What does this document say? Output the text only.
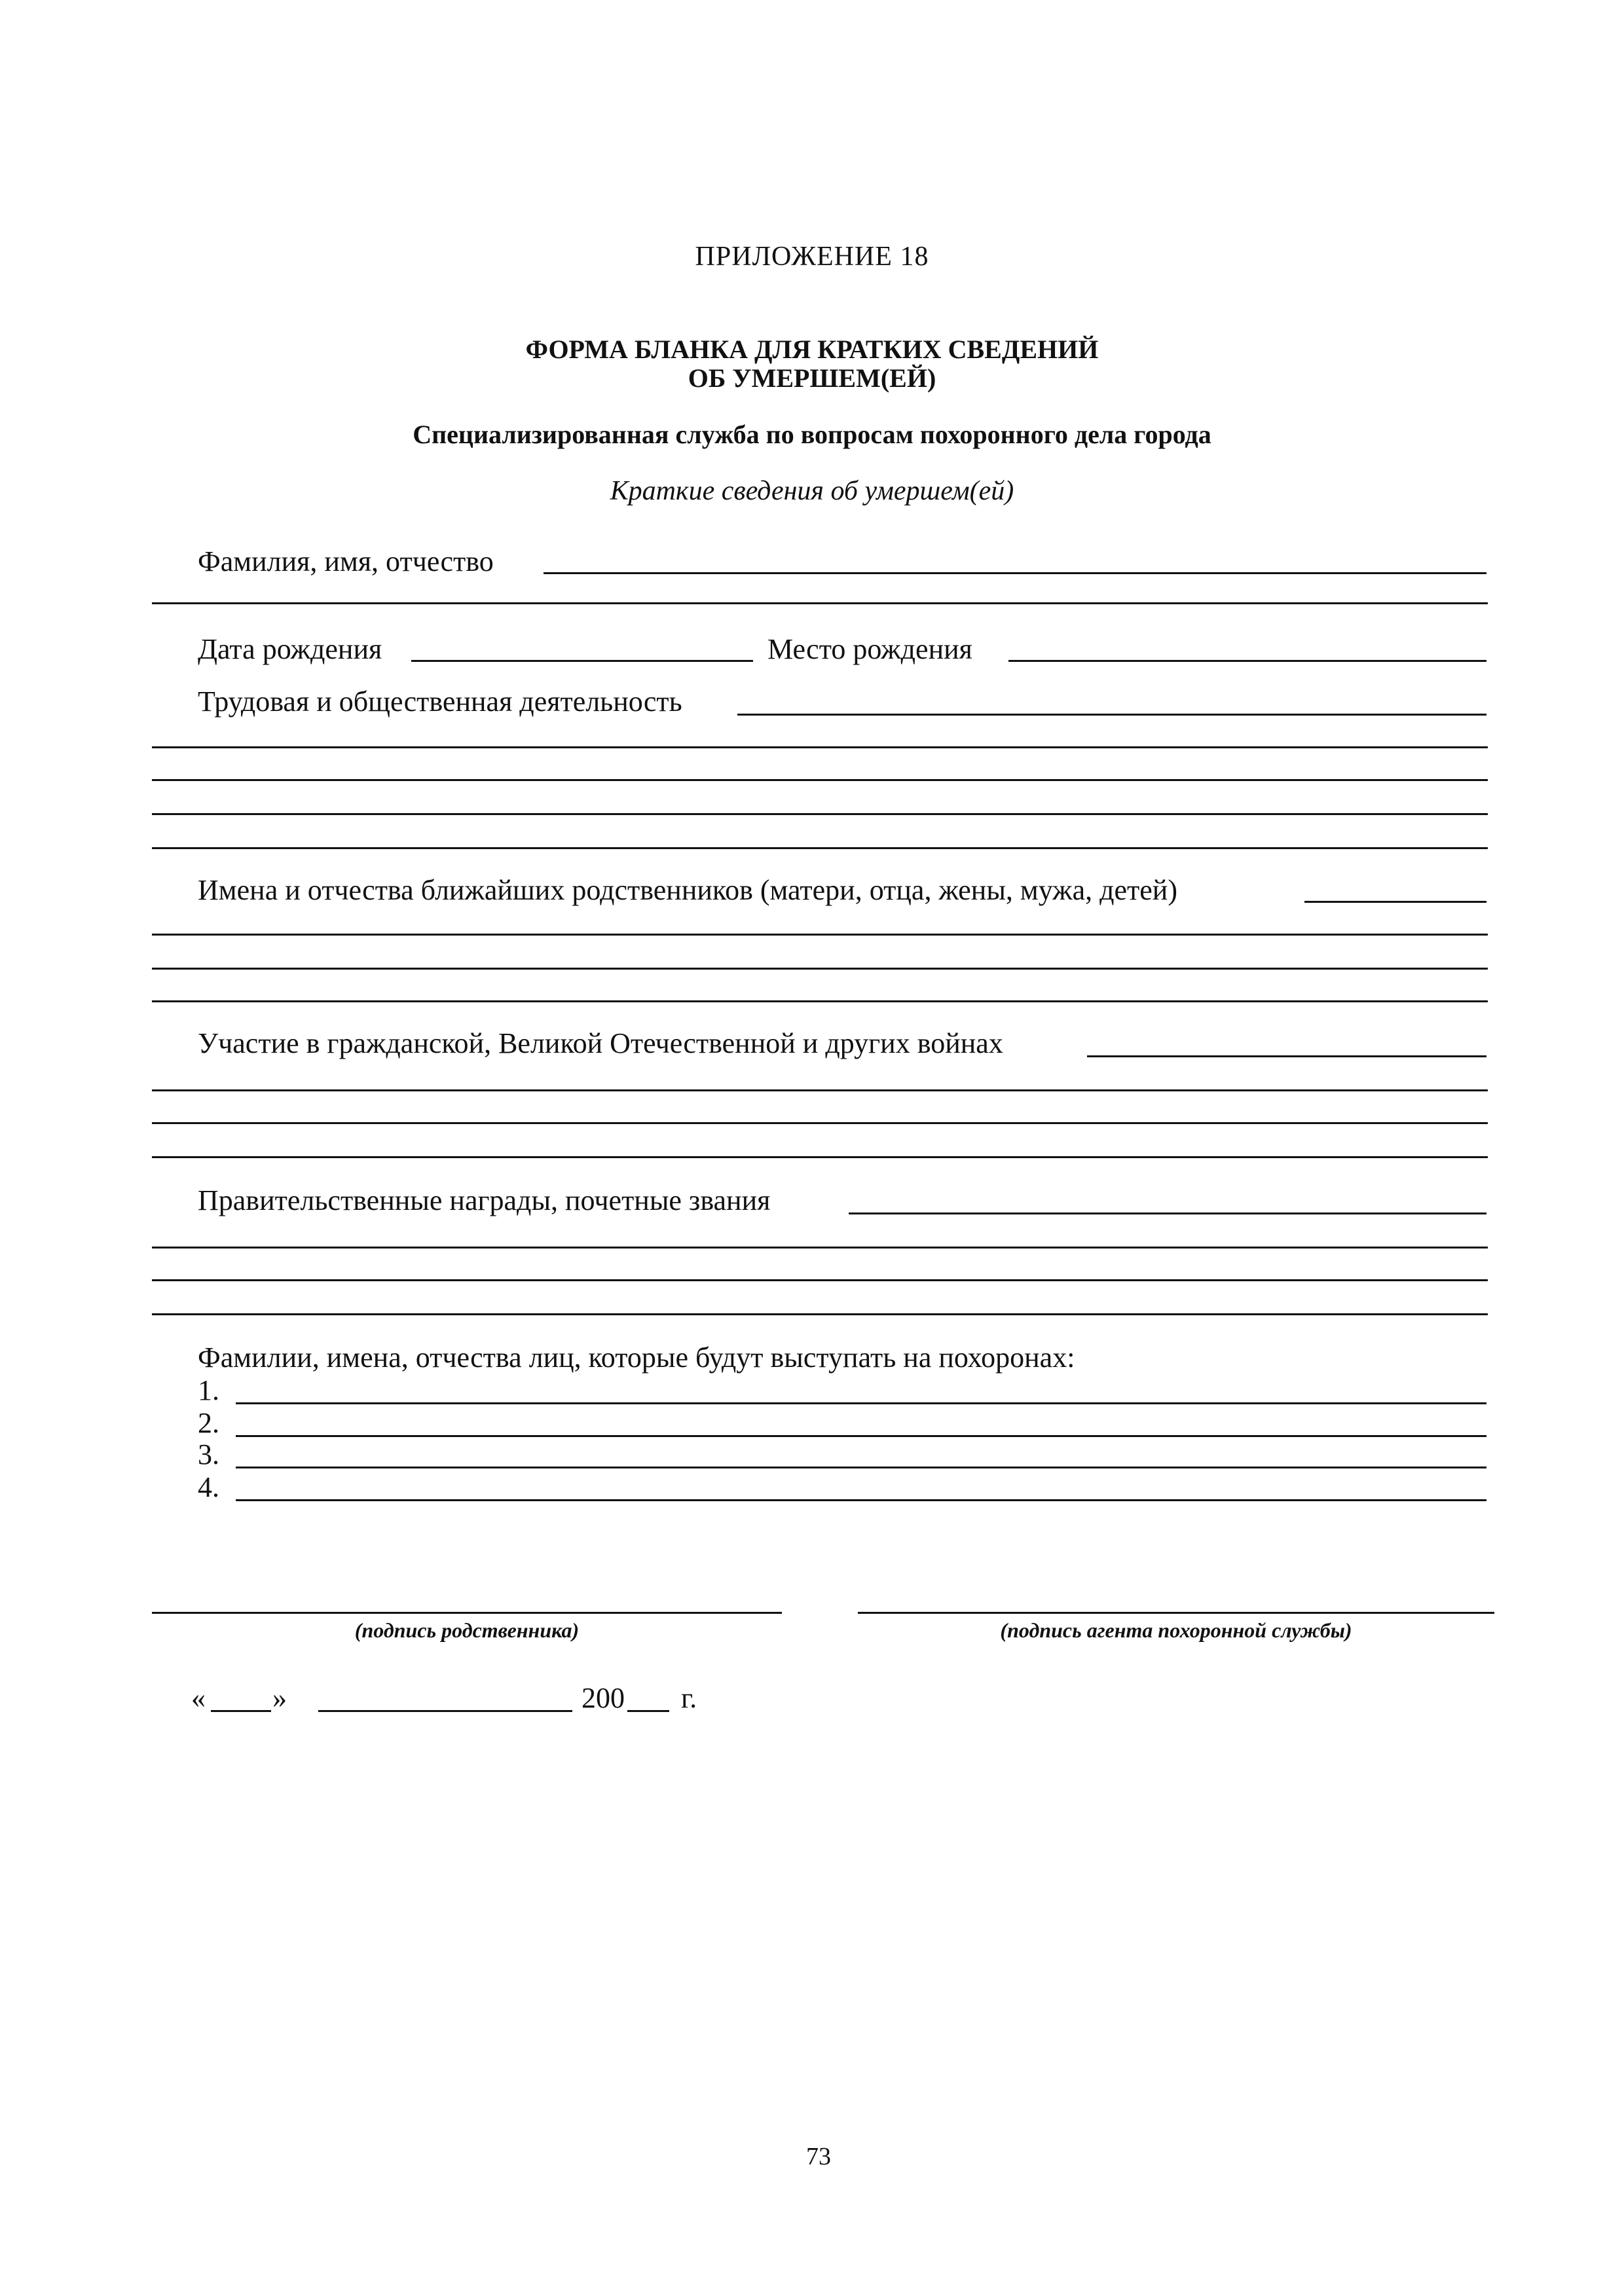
ПРИЛОЖЕНИЕ 18
ФОРМА БЛАНКА ДЛЯ КРАТКИХ СВЕДЕНИЙ
ОБ УМЕРШЕМ(ЕЙ)
Специализированная служба по вопросам похоронного дела города
Краткие сведения об умершем(ей)
Фамилия, имя, отчество
Дата рождения	Место рождения
Трудовая и общественная деятельность
Имена и отчества ближайших родственников (матери, отца, жены, мужа, детей)
Участие в гражданской, Великой Отечественной и других войнах
Правительственные награды, почетные звания
Фамилии, имена, отчества лиц, которые будут выступать на похоронах:
1.
2.
3.
4.
(подпись родственника)	(подпись агента похоронной службы)
« »	200 г.
73
